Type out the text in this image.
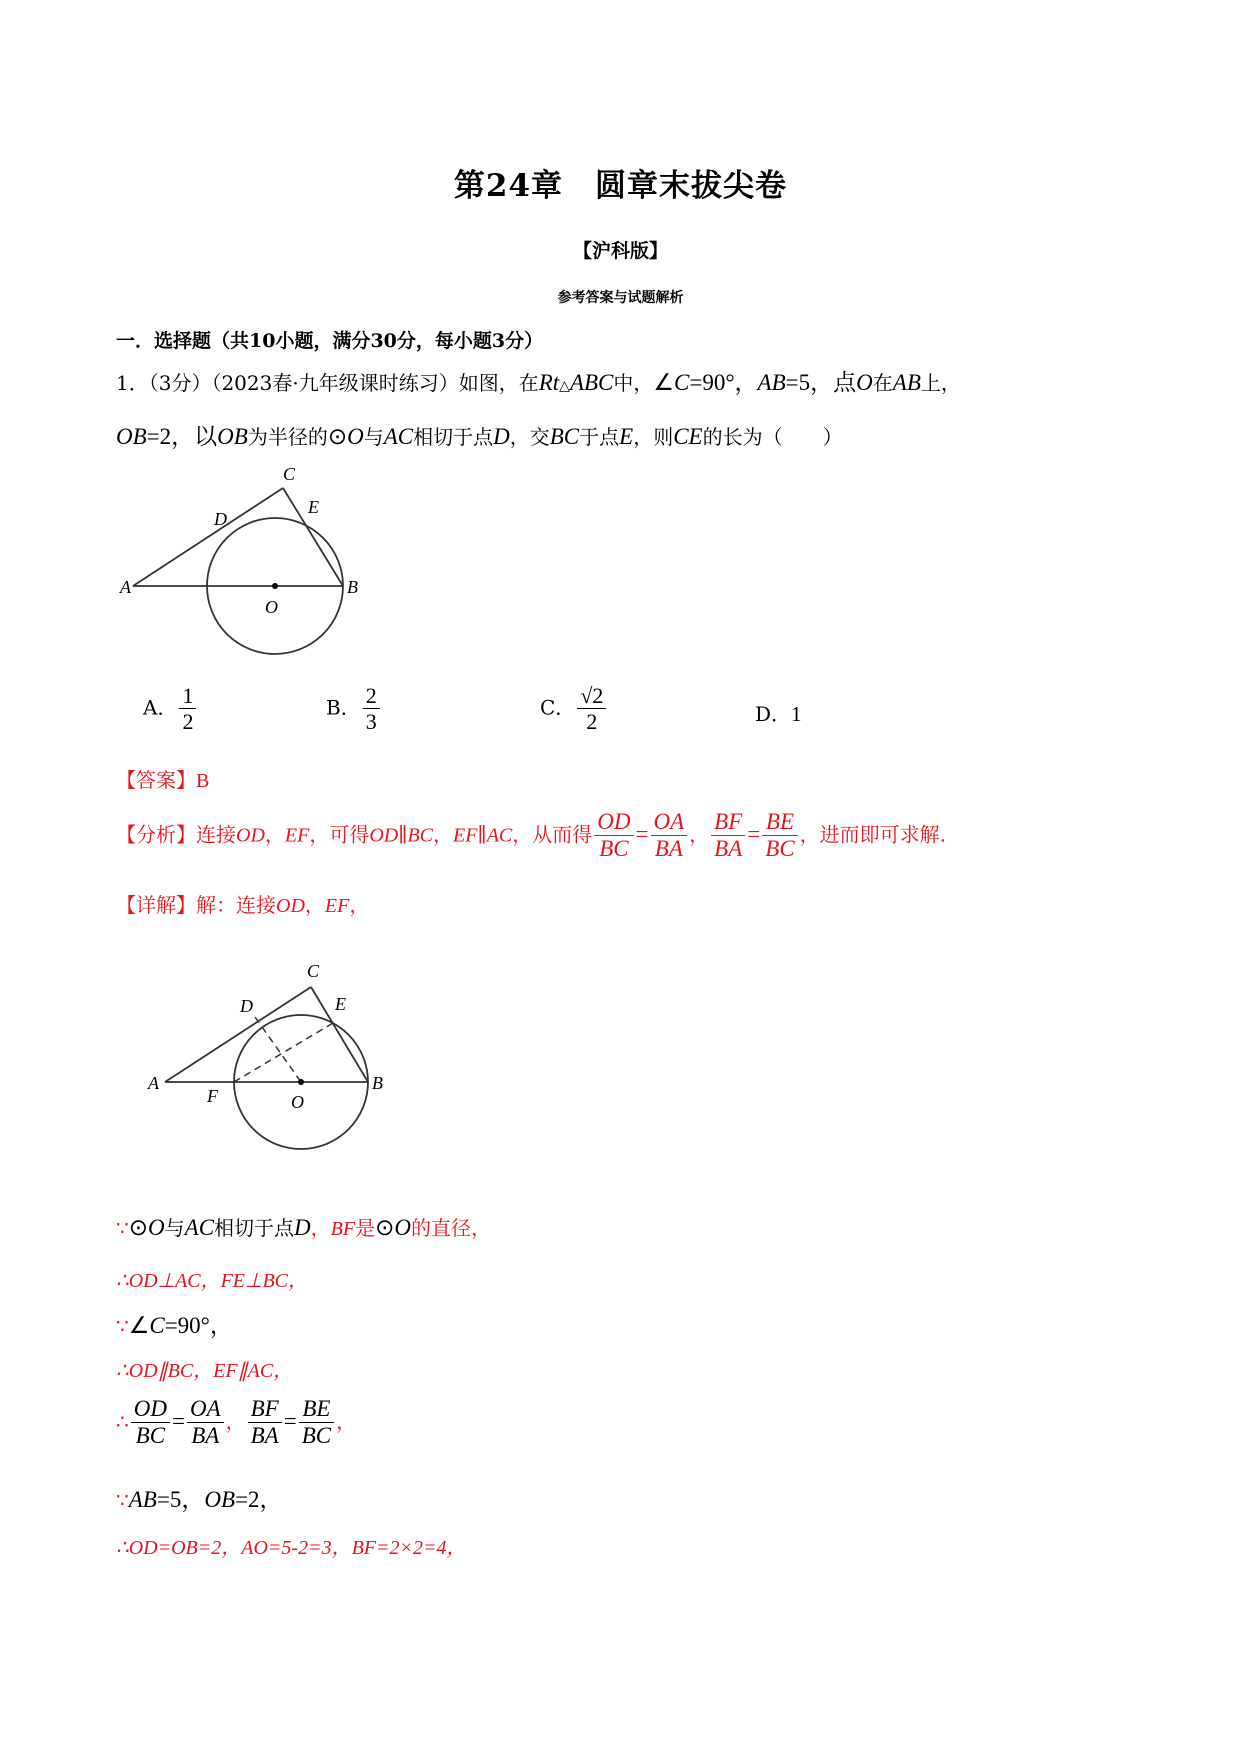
第24章　圆章末拔尖卷
【沪科版】
参考答案与试题解析
一．选择题（共10小题，满分30分，每小题3分）
1．（3分）（2023春·九年级课时练习）如图，在Rt△ABC中，∠C=90°，AB=5，点O在AB上，
OB=2，以OB为半径的⊙O与AC相切于点D，交BC于点E，则CE的长为（　　）
A	B
C
D
E
O
A． $\frac{1}{2}$	B． $\frac{2}{3}$	C． $\frac{√2}{2}$	D．1
【答案】B
【分析】连接OD，EF，可得OD∥BC，EF∥AC，从而得 $\frac{OD}{BC} = \frac{OA}{BA}$ ， $\frac{BF}{BA} = \frac{BE}{BC}$ ，进而即可求解.
【详解】解：连接OD，EF，
A	B
C
D	E
F	O
∵⊙O与AC相切于点D，BF是⊙O的直径，
∴OD⊥AC，FE⊥BC，
∵∠C=90°，
∴OD∥BC，EF∥AC，
∴ $\frac{OD}{BC} = \frac{OA}{BA}$ ， $\frac{BF}{BA} = \frac{BE}{BC}$ ，
∵AB=5，OB=2，
∴OD=OB=2，AO=5-2=3，BF=2×2=4，
